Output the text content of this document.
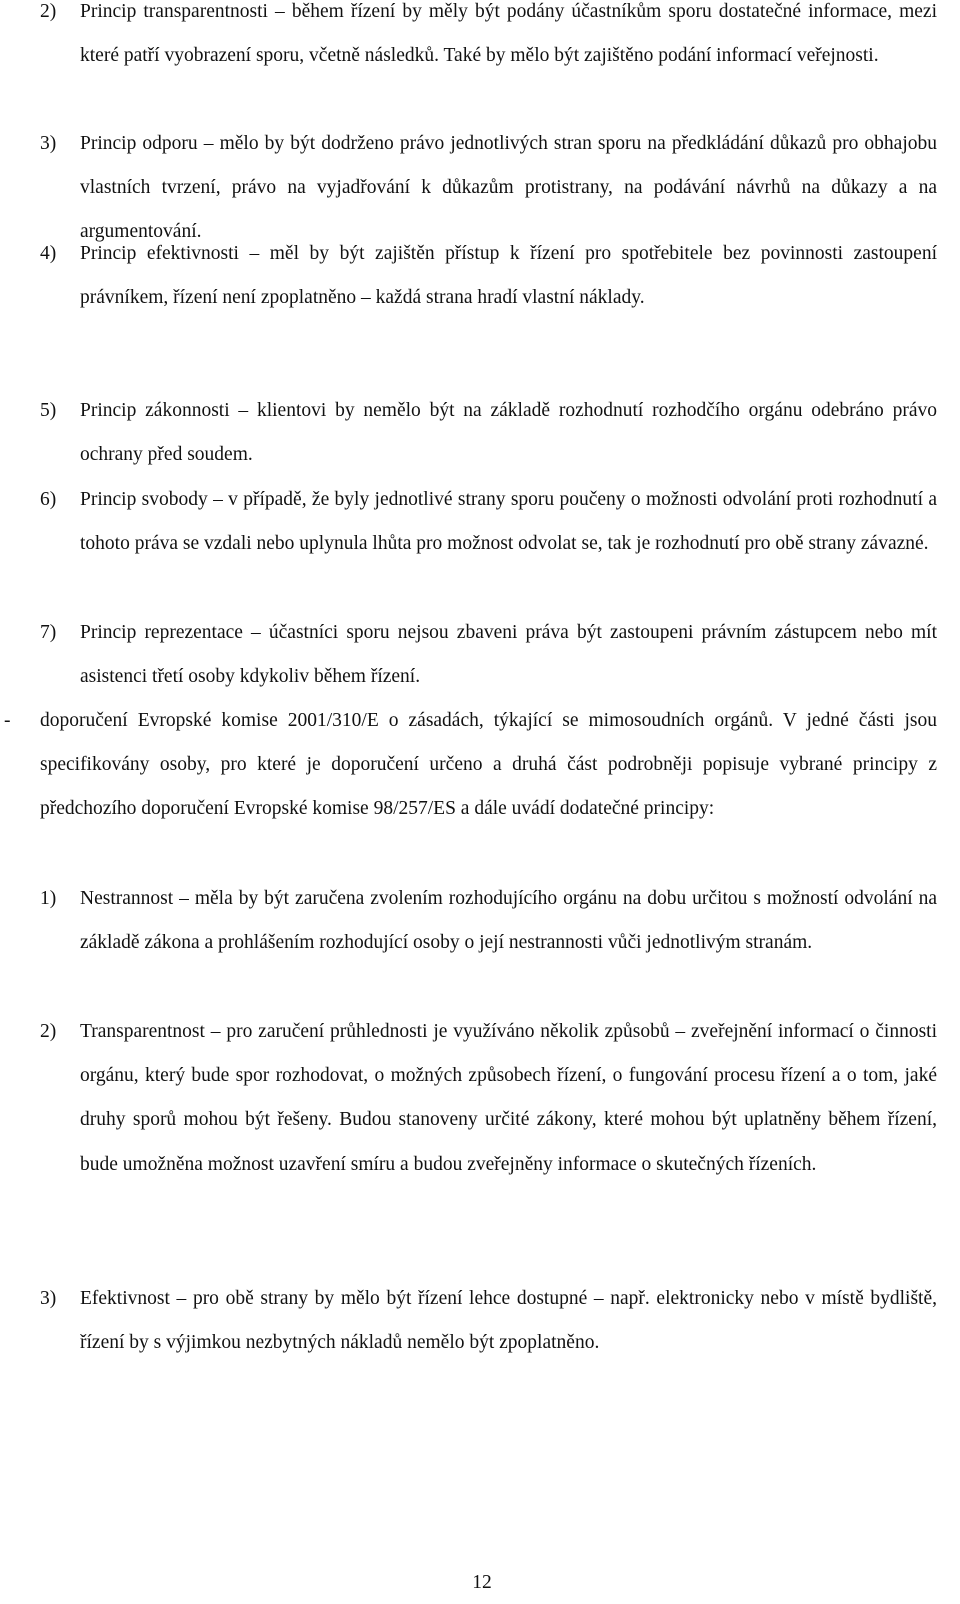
2) Princip transparentnosti – během řízení by měly být podány účastníkům sporu dostatečné informace, mezi které patří vyobrazení sporu, včetně následků. Také by mělo být zajištěno podání informací veřejnosti.

3) Princip odporu – mělo by být dodrženo právo jednotlivých stran sporu na předkládání důkazů pro obhajobu vlastních tvrzení, právo na vyjadřování k důkazům protistrany, na podávání návrhů na důkazy a na argumentování.

4) Princip efektivnosti – měl by být zajištěn přístup k řízení pro spotřebitele bez povinnosti zastoupení právníkem, řízení není zpoplatněno – každá strana hradí vlastní náklady.

5) Princip zákonnosti – klientovi by nemělo být na základě rozhodnutí rozhodčího orgánu odebráno právo ochrany před soudem.

6) Princip svobody – v případě, že byly jednotlivé strany sporu poučeny o možnosti odvolání proti rozhodnutí a tohoto práva se vzdali nebo uplynula lhůta pro možnost odvolat se, tak je rozhodnutí pro obě strany závazné.

7) Princip reprezentace – účastníci sporu nejsou zbaveni práva být zastoupeni právním zástupcem nebo mít asistenci třetí osoby kdykoliv během řízení.

- doporučení Evropské komise 2001/310/E o zásadách, týkající se mimosoudních orgánů. V jedné části jsou specifikovány osoby, pro které je doporučení určeno a druhá část podrobněji popisuje vybrané principy z předchozího doporučení Evropské komise 98/257/ES a dále uvádí dodatečné principy:

1) Nestrannost – měla by být zaručena zvolením rozhodujícího orgánu na dobu určitou s možností odvolání na základě zákona a prohlášením rozhodující osoby o její nestrannosti vůči jednotlivým stranám.

2) Transparentnost – pro zaručení průhlednosti je využíváno několik způsobů – zveřejnění informací o činnosti orgánu, který bude spor rozhodovat, o možných způsobech řízení, o fungování procesu řízení a o tom, jaké druhy sporů mohou být řešeny. Budou stanoveny určité zákony, které mohou být uplatněny během řízení, bude umožněna možnost uzavření smíru a budou zveřejněny informace o skutečných řízeních.

3) Efektivnost – pro obě strany by mělo být řízení lehce dostupné – např. elektronicky nebo v místě bydliště, řízení by s výjimkou nezbytných nákladů nemělo být zpoplatněno.

12
